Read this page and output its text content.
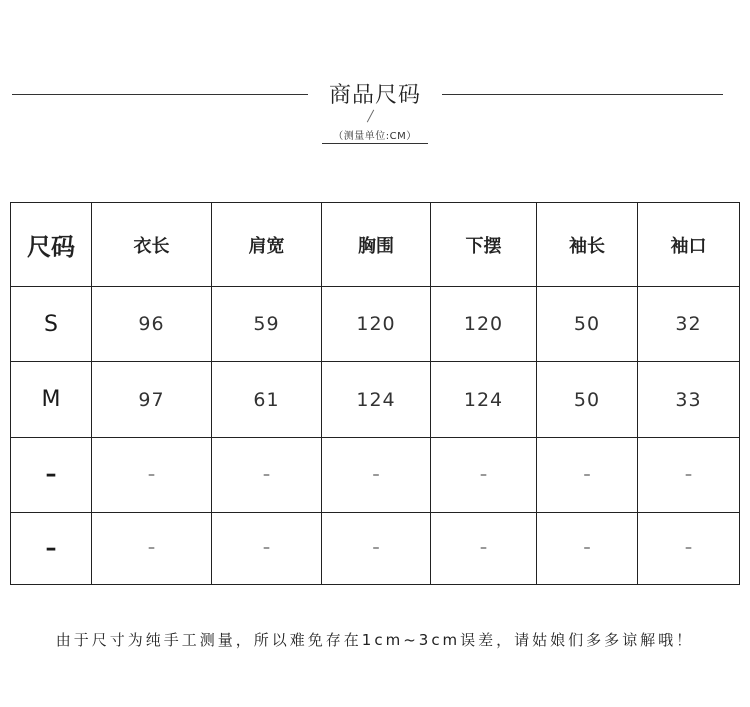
商品尺码
（测量单位:CM）
尺码	衣长	肩宽	胸围	下摆	袖长	袖口
S	96	59	120	120	50	32
M	97	61	124	124	50	33
–	–	–	–	–	–	–
–	–	–	–	–	–	–
由于尺寸为纯手工测量，所以难免存在1cm~3cm误差，请姑娘们多多谅解哦！
